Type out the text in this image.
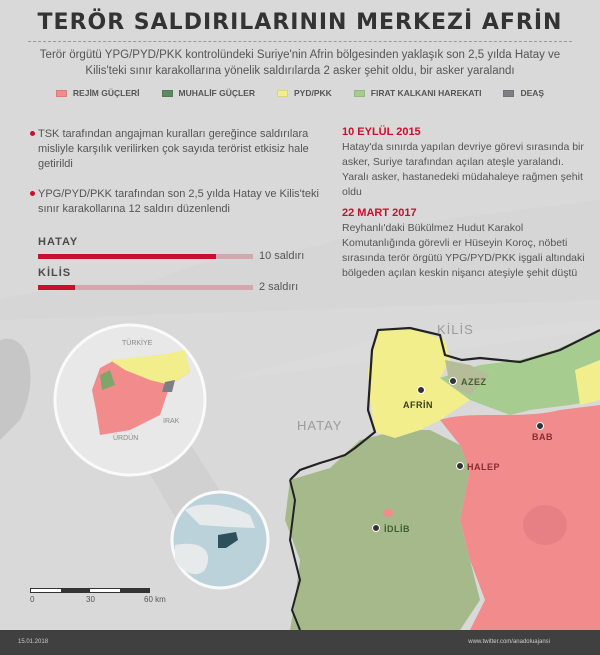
TERÖR SALDIRILARININ MERKEZİ AFRİN
Terör örgütü YPG/PYD/PKK kontrolündeki Suriye'nin Afrin bölgesinden yaklaşık son 2,5 yılda Hatay ve Kilis'teki sınır karakollarına yönelik saldırılarda 2 asker şehit oldu, bir asker yaralandı
REJİM GÜÇLERİ	MUHALİF GÜÇLER	PYD/PKK	FIRAT KALKANI HAREKATI	DEAŞ
TSK tarafından angajman kuralları gereğince saldırılara misliyle karşılık verilirken çok sayıda terörist etkisiz hale getirildi
YPG/PYD/PKK tarafından son 2,5 yılda Hatay ve Kilis'teki sınır karakollarına 12 saldırı düzenlendi
HATAY
10 saldırı
KİLİS
2 saldırı
10 EYLÜL 2015
Hatay'da sınırda yapılan devriye görevi sırasında bir asker, Suriye tarafından açılan ateşle yaralandı. Yaralı asker, hastanedeki müdahaleye rağmen şehit oldu
22 MART 2017
Reyhanlı'daki Bükülmez Hudut Karakol Komutanlığında görevli er Hüseyin Koroç, nöbeti sırasında terör örgütü YPG/PYD/PKK işgali altındaki bölgeden açılan keskin nişancı ateşiyle şehit düştü
KİLİS
HATAY
AFRİN
AZEZ
BAB
HALEP
İDLİB
TÜRKİYE
IRAK
ÜRDÜN
0	30	60 km
15.01.2018	www.twitter.com/anadoluajansi
